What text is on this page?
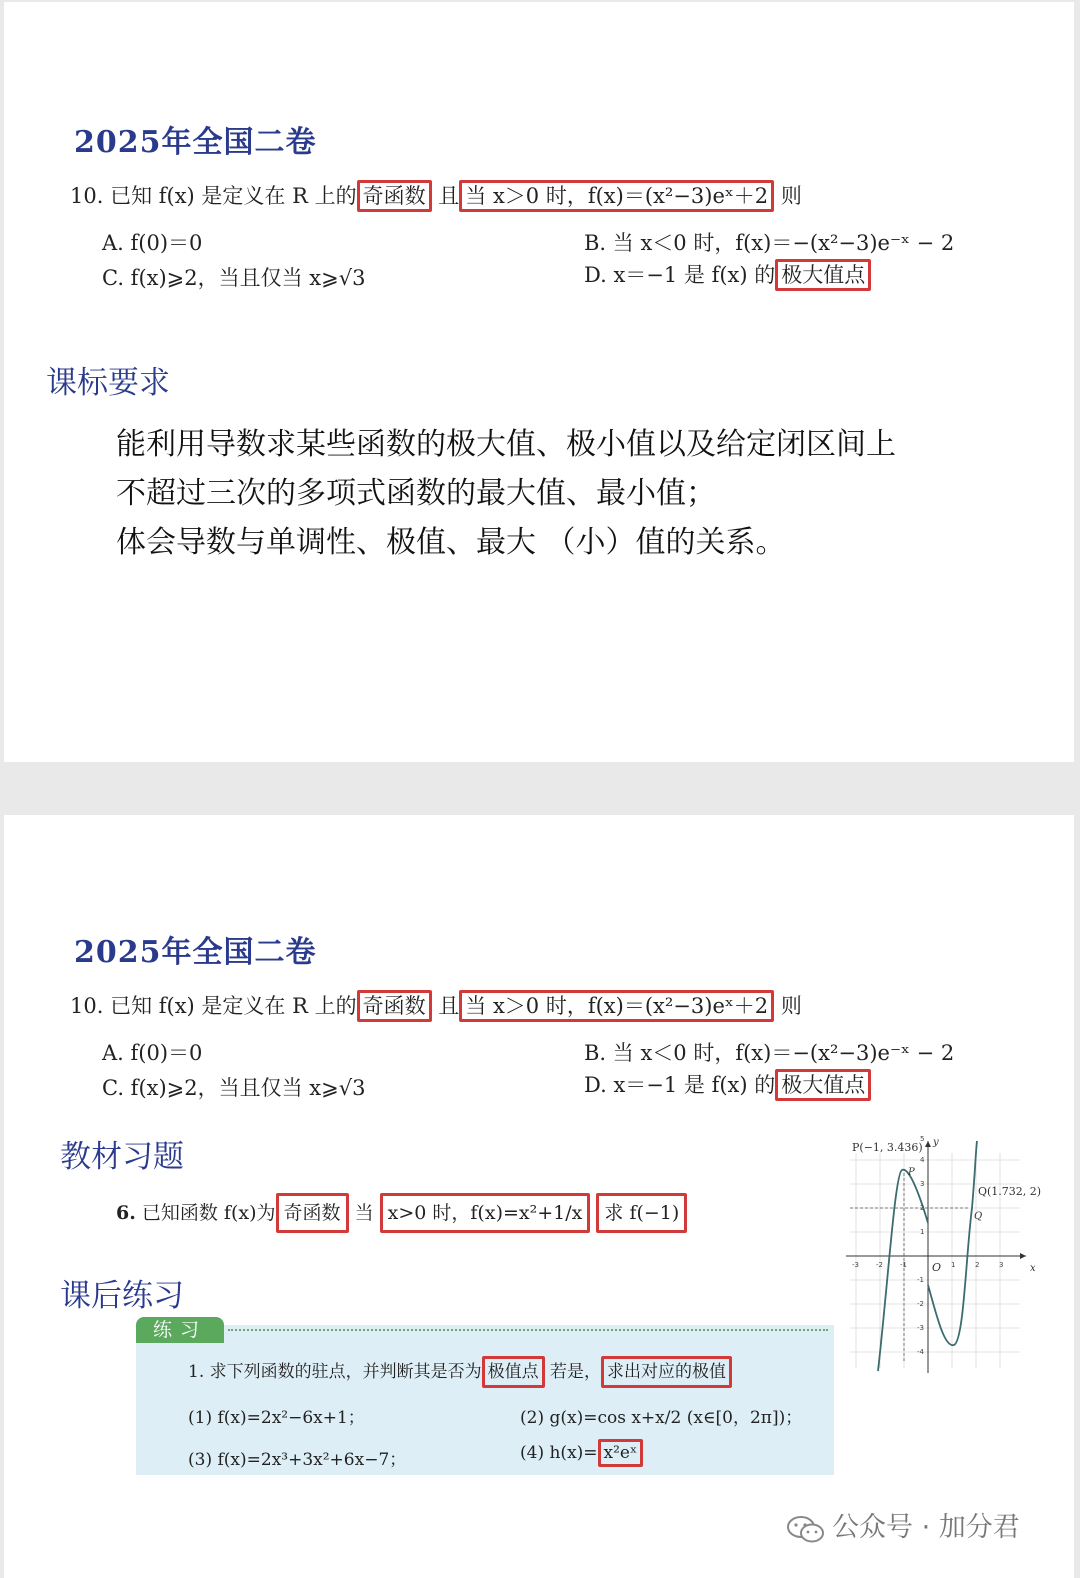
2025年全国二卷
10. 已知 f(x) 是定义在 R 上的 奇函数 且 当 x＞0 时，f(x)＝(x²−3)eˣ＋2 则
A. f(0)＝0	B. 当 x＜0 时，f(x)＝−(x²−3)e⁻ˣ − 2
C. f(x)⩾2，当且仅当 x⩾√3	D. x＝−1 是 f(x) 的 极大值点
课标要求
能利用导数求某些函数的极大值、极小值以及给定闭区间上
不超过三次的多项式函数的最大值、最小值；
体会导数与单调性、极值、最大 （小）值的关系。
2025年全国二卷
10. 已知 f(x) 是定义在 R 上的 奇函数 且 当 x＞0 时，f(x)＝(x²−3)eˣ＋2 则
A. f(0)＝0	B. 当 x＜0 时，f(x)＝−(x²−3)e⁻ˣ − 2
C. f(x)⩾2，当且仅当 x⩾√3	D. x＝−1 是 f(x) 的 极大值点
教材习题
6. 已知函数 f(x)为 奇函数 当 x>0 时，f(x)=x²+1/x 求 f(−1)
课后练习
练习
1. 求下列函数的驻点，并判断其是否为 极值点 若是， 求出对应的极值
(1) f(x)=2x²−6x+1；	(2) g(x)=cos x+x/2 (x∈[0，2π])；
(3) f(x)=2x³+3x²+6x−7；	(4) h(x)= x²eˣ
P(−1, 3.436)
Q(1.732, 2)
P
Q
x
y
O
-3 -2 -1	1	2	3
5
4
3
2
1
-1
-2
-3
-4
公众号 · 加分君
